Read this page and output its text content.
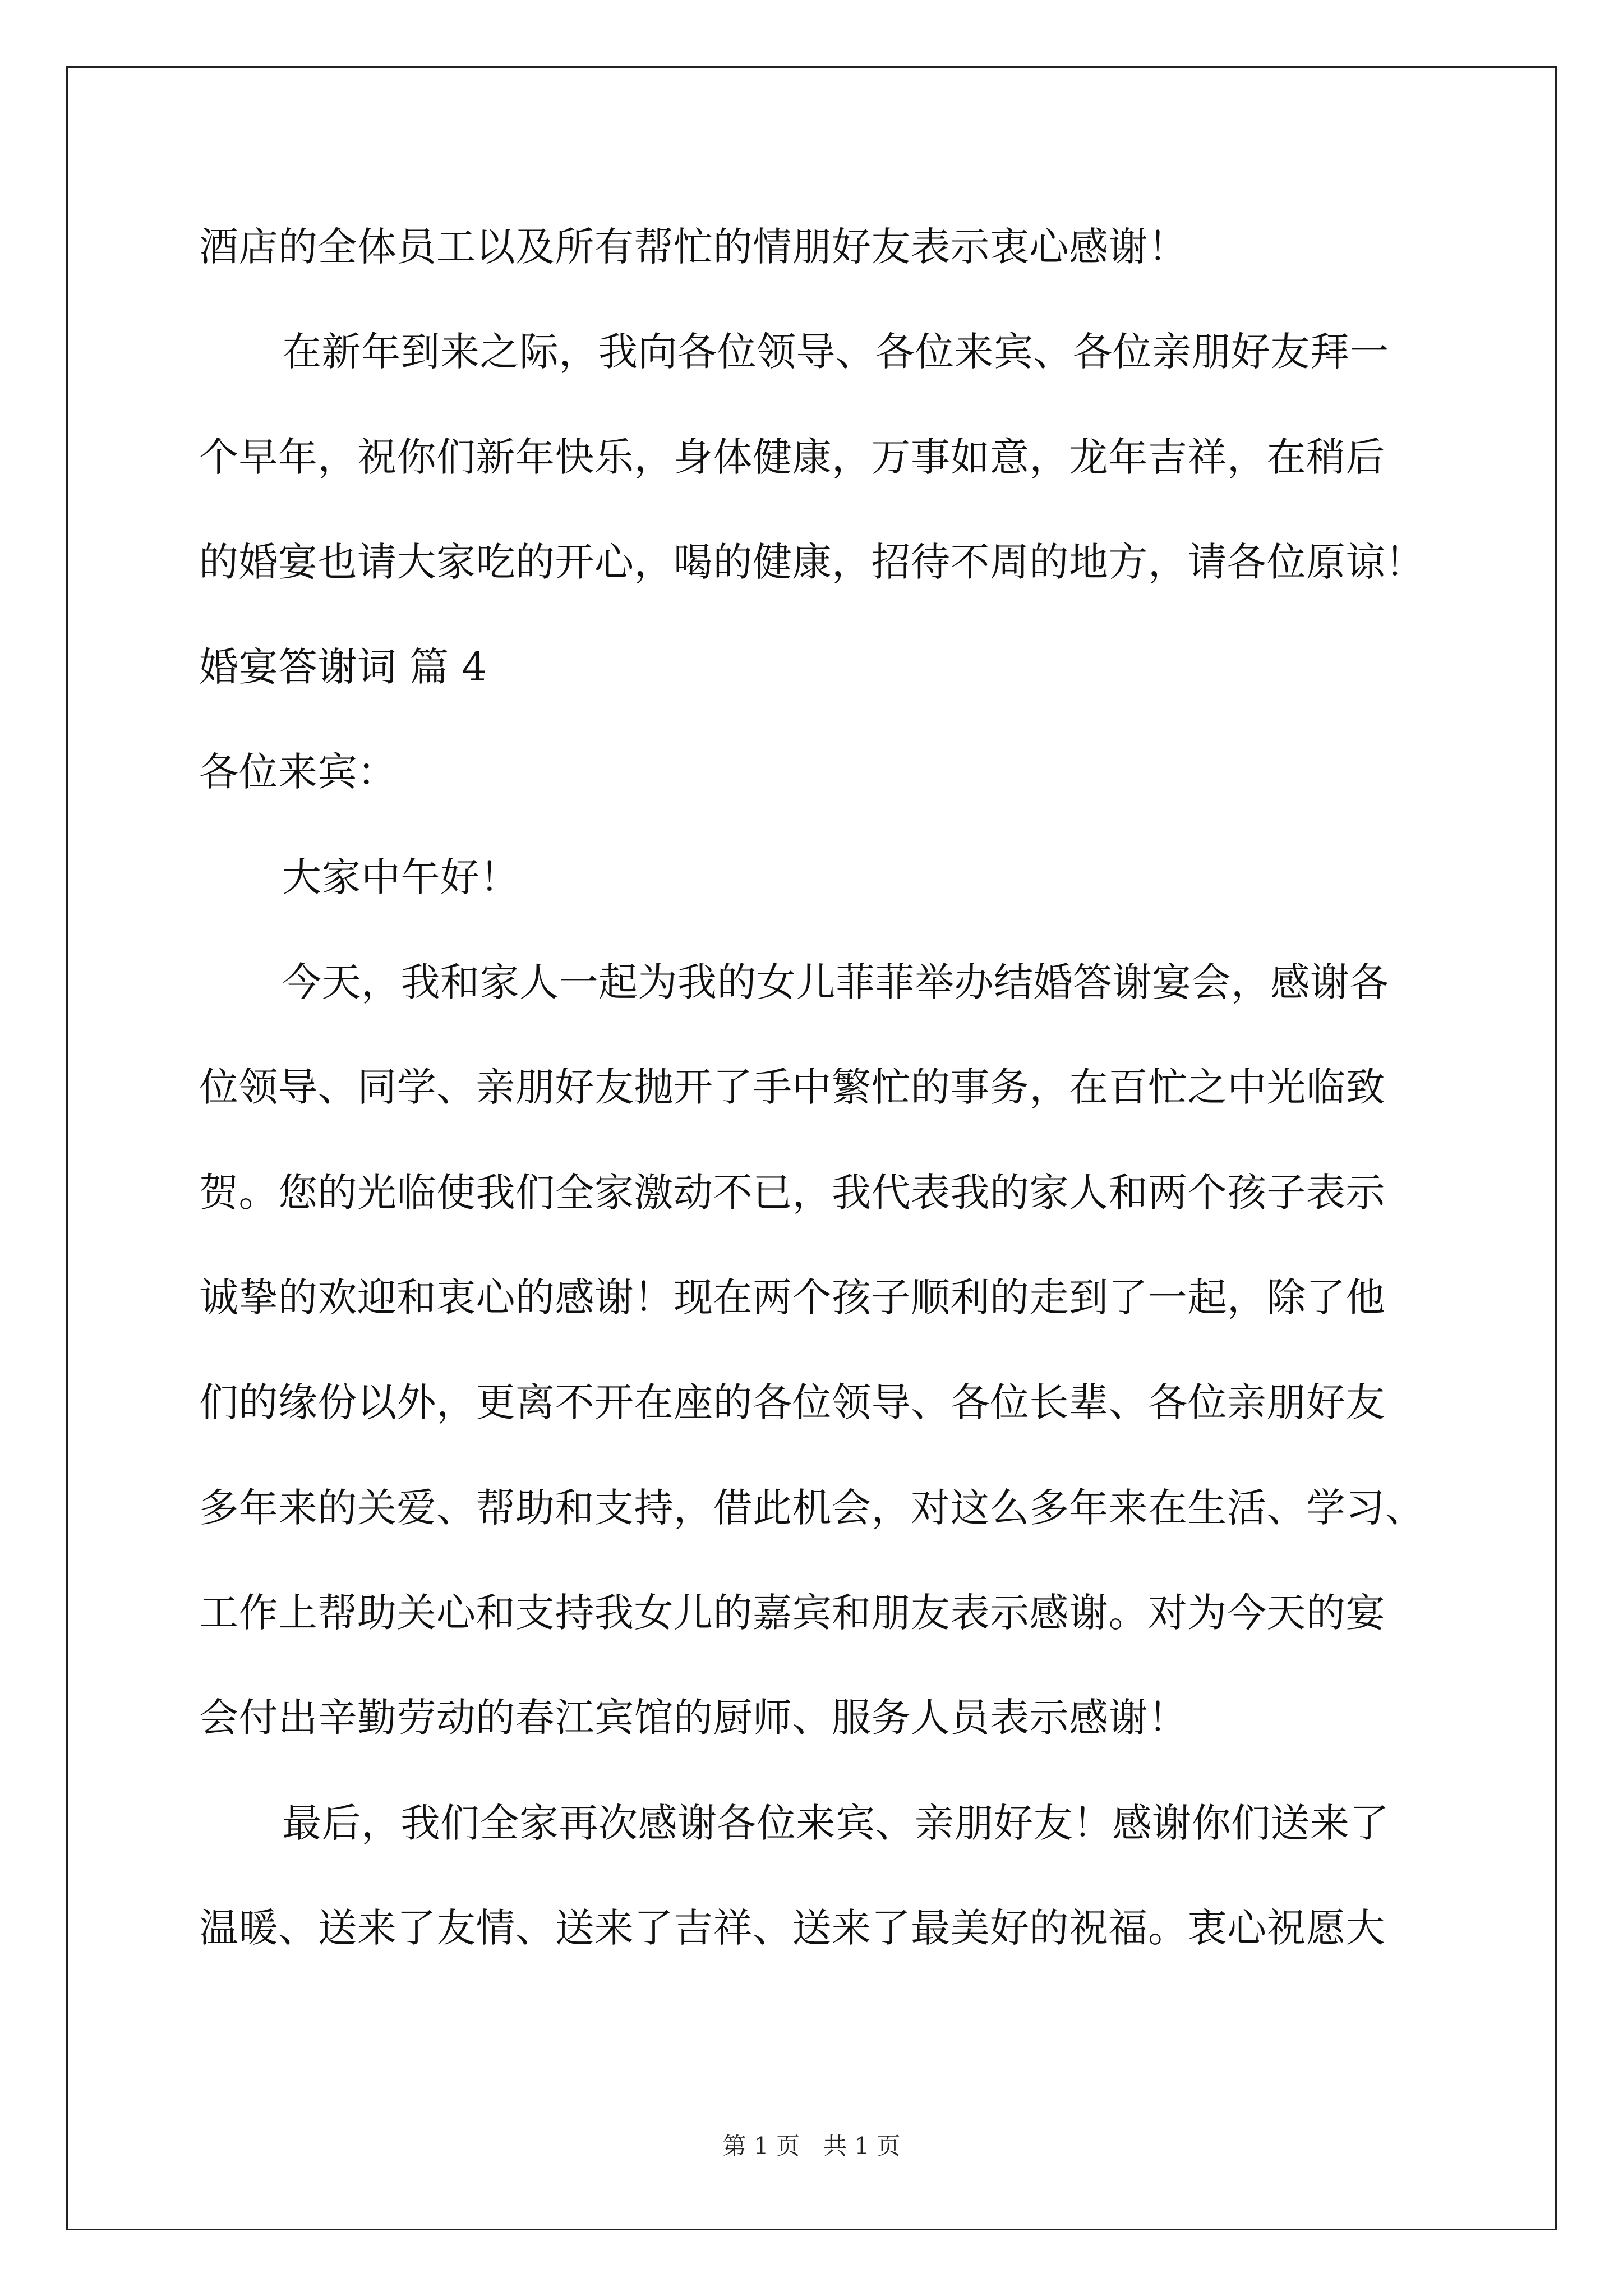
酒店的全体员工以及所有帮忙的情朋好友表示衷心感谢！
在新年到来之际，我向各位领导、各位来宾、各位亲朋好友拜一
个早年，祝你们新年快乐，身体健康，万事如意，龙年吉祥，在稍后
的婚宴也请大家吃的开心，喝的健康，招待不周的地方，请各位原谅！
婚宴答谢词 篇 4
各位来宾：
大家中午好！
今天，我和家人一起为我的女儿菲菲举办结婚答谢宴会，感谢各
位领导、同学、亲朋好友抛开了手中繁忙的事务，在百忙之中光临致
贺。您的光临使我们全家激动不已，我代表我的家人和两个孩子表示
诚挚的欢迎和衷心的感谢！现在两个孩子顺利的走到了一起，除了他
们的缘份以外，更离不开在座的各位领导、各位长辈、各位亲朋好友
多年来的关爱、帮助和支持，借此机会，对这么多年来在生活、学习、
工作上帮助关心和支持我女儿的嘉宾和朋友表示感谢。对为今天的宴
会付出辛勤劳动的春江宾馆的厨师、服务人员表示感谢！
最后，我们全家再次感谢各位来宾、亲朋好友！感谢你们送来了
温暖、送来了友情、送来了吉祥、送来了最美好的祝福。衷心祝愿大
第 1 页 共 1 页
